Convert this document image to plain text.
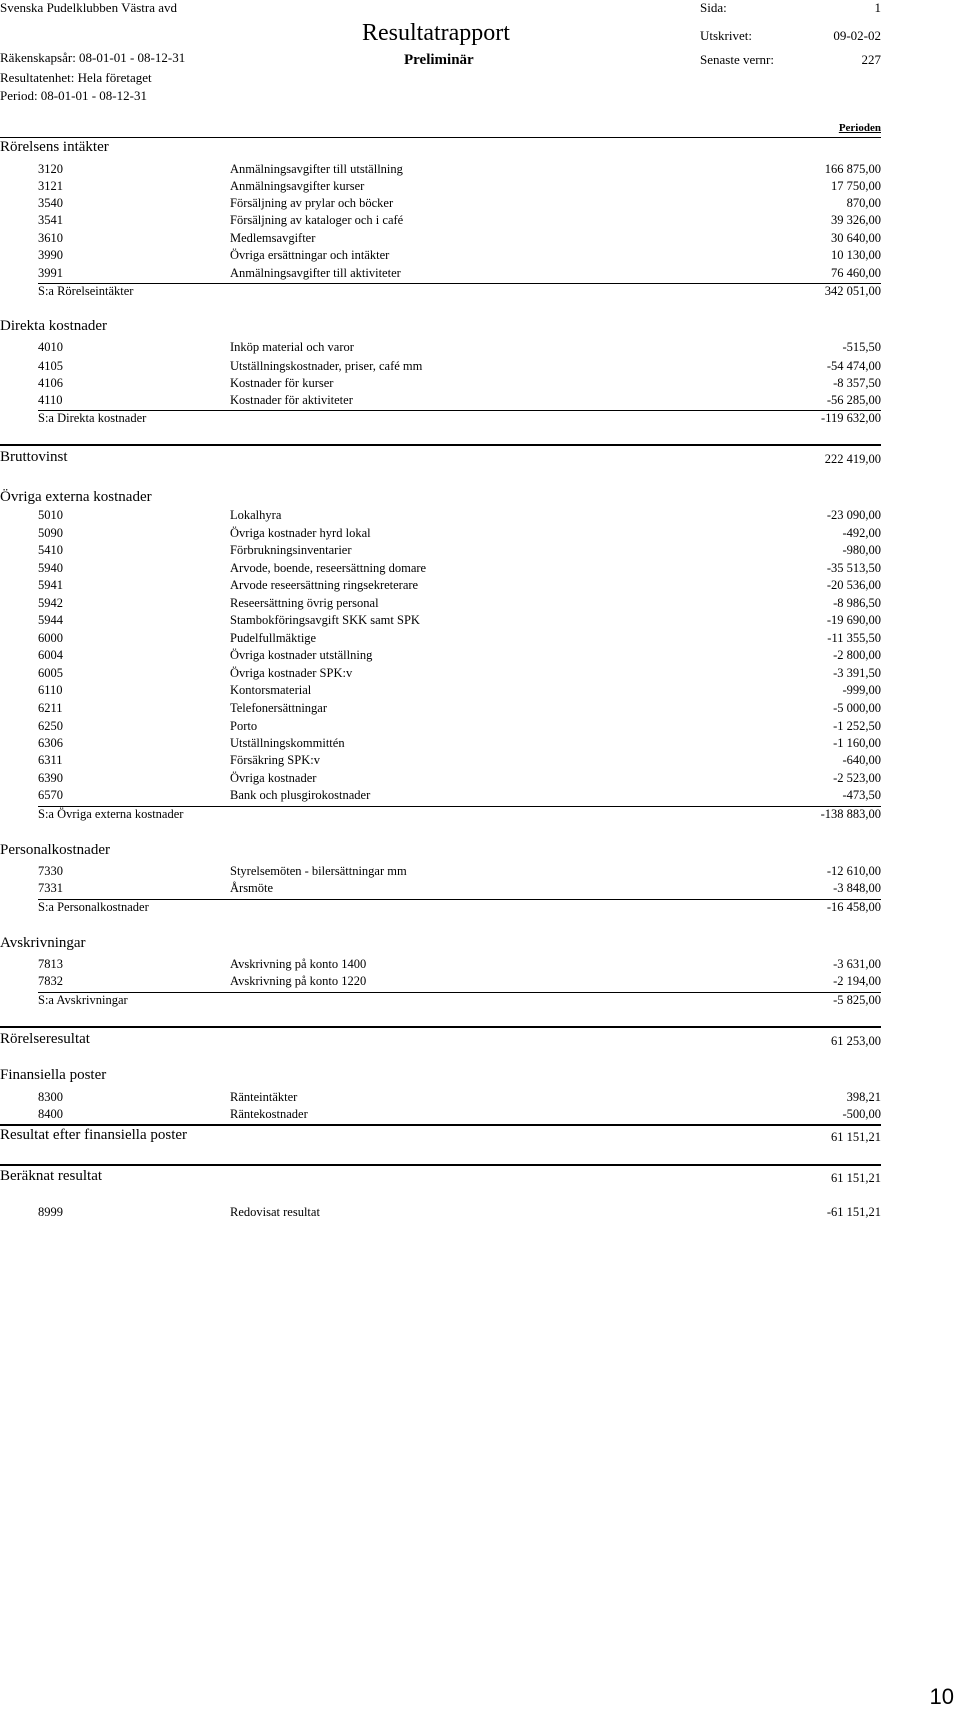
Svenska Pudelklubben Västra avd
Räkenskapsår: 08-01-01 - 08-12-31
Resultatenhet: Hela företaget
Period: 08-01-01 - 08-12-31
Resultatrapport
Preliminär
Sida:	1
Utskrivet:	09-02-02
Senaste vernr:	227
Perioden
Rörelsens intäkter
3120	Anmälningsavgifter till utställning	166 875,00
3121	Anmälningsavgifter kurser	17 750,00
3540	Försäljning av prylar och böcker	870,00
3541	Försäljning av kataloger och i café	39 326,00
3610	Medlemsavgifter	30 640,00
3990	Övriga ersättningar och intäkter	10 130,00
3991	Anmälningsavgifter till aktiviteter	76 460,00
S:a Rörelseintäkter	342 051,00
Direkta kostnader
4010	Inköp material och varor	-515,50
4105	Utställningskostnader, priser, café mm	-54 474,00
4106	Kostnader för kurser	-8 357,50
4110	Kostnader för aktiviteter	-56 285,00
S:a Direkta kostnader	-119 632,00
Bruttovinst	222 419,00
Övriga externa kostnader
5010	Lokalhyra	-23 090,00
5090	Övriga kostnader hyrd lokal	-492,00
5410	Förbrukningsinventarier	-980,00
5940	Arvode, boende, reseersättning domare	-35 513,50
5941	Arvode reseersättning ringsekreterare	-20 536,00
5942	Reseersättning övrig personal	-8 986,50
5944	Stambokföringsavgift SKK samt SPK	-19 690,00
6000	Pudelfullmäktige	-11 355,50
6004	Övriga kostnader utställning	-2 800,00
6005	Övriga kostnader SPK:v	-3 391,50
6110	Kontorsmaterial	-999,00
6211	Telefonersättningar	-5 000,00
6250	Porto	-1 252,50
6306	Utställningskommittén	-1 160,00
6311	Försäkring SPK:v	-640,00
6390	Övriga kostnader	-2 523,00
6570	Bank och plusgirokostnader	-473,50
S:a Övriga externa kostnader	-138 883,00
Personalkostnader
7330	Styrelsemöten - bilersättningar mm	-12 610,00
7331	Årsmöte	-3 848,00
S:a Personalkostnader	-16 458,00
Avskrivningar
7813	Avskrivning på konto 1400	-3 631,00
7832	Avskrivning på konto 1220	-2 194,00
S:a Avskrivningar	-5 825,00
Rörelseresultat	61 253,00
Finansiella poster
8300	Ränteintäkter	398,21
8400	Räntekostnader	-500,00
Resultat efter finansiella poster	61 151,21
Beräknat resultat	61 151,21
8999	Redovisat resultat	-61 151,21
10
